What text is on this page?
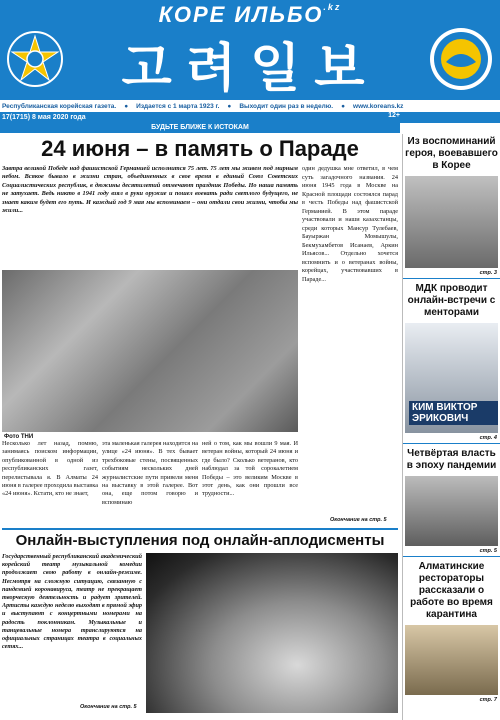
КОРЕ $ИЛЬБО^{.kz}$
고려일보
Республиканская корейская газета. ● Издается с 1 марта 1923 г. ● Выходит один раз в неделю. ● www.koreans.kz
17(1715) 8 мая 2020 года	12+
БУДЬТЕ БЛИЖЕ К ИСТОКАМ
24 июня – в память о Параде

Завтра великой Победе над фашистской Германией исполнится 75 лет. 75 лет мы живем под мирным небом. Всякое бывало в жизни стран, объединенных в свое время в единый Союз Советских Социалистических республик, в дюжины десятилетий отмечают праздник Победы. Но наша память не затухает. Ведь никто в 1941 году взял в руки оружие и пошел воевать ради светлого будущего, не знает каким будет его путь. И каждый год 9 мая мы вспоминаем – они отдали свои жизни, чтобы мы жили...

один дедушка мне ответил, в чем суть загадочного названия. 24 июня 1945 года в Москве на Красной площади состоялся парад в честь Победы над фашистской Германией. В этом параде участвовали и наши казахстанцы, среди которых Мансур Тулебаев, Бауыржан Момышулы, Бекмухамбетов Исанаев, Аркин Ильясов... Отдельно хочется вспомнить и о ветеранах войны, корейцах, участвовавших в Параде...

Фото ТНИ
Несколько лет назад, помню, занимаясь поиском информации, опубликованной в одной из республиканских газет, перелистывала я. В Алматы 24 июня в галерее проходила выставка «24 июня». Кстати, кто не знает,
эта маленькая галерея находится на улице «24 июня». В тех бывает трехбоковые стены, посвященных событиям нескольких дней журналистские пути привели меня на выставку в этой галерее. Вот она, еще потом говорю и вспоминаю
ней о том, как мы вошли 9 мая. И ветеран войны, который 24 июня и где было? Сколько ветеранов, кто наблюдал за той сорокалетием Победы – это великим Москве в этот день, как они прошли все трудности...
Окончание на стр. 5
Онлайн-выступления под онлайн-аплодисменты

Государственный республиканский академический корейский театр музыкальной комедии продолжает свою работу в онлайн-режиме. Несмотря на сложную ситуацию, связанную с пандемией коронавируса, театр не прекращает творческую деятельность и радует зрителей. Артисты каждую неделю выходят в прямой эфир и выступают с концертными номерами на радость поклонникам. Музыкальные и танцевальные номера транслируются на официальных страницах театра в социальных сетях...

Окончание на стр. 5
Из воспоминаний героя, воевавшего в Корее
стр. 3
МДК проводит онлайн-встречи с менторами
КИМ ВИКТОР ЭРИКОВИЧ
стр. 4
Четвёртая власть в эпоху пандемии
стр. 5
Алматинские рестораторы рассказали о работе во время карантина
стр. 7
